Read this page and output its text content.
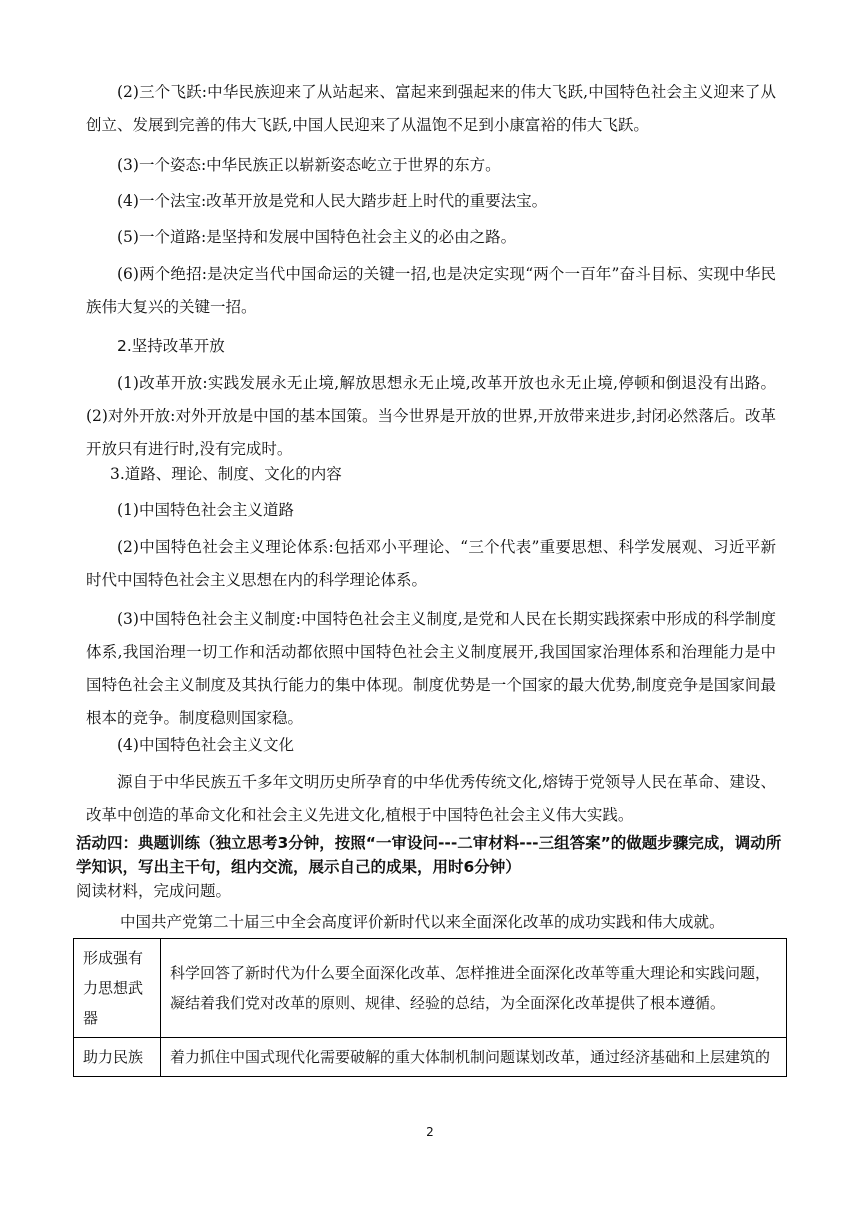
(2)三个飞跃:中华民族迎来了从站起来、富起来到强起来的伟大飞跃,中国特色社会主义迎来了从创立、发展到完善的伟大飞跃,中国人民迎来了从温饱不足到小康富裕的伟大飞跃。

(3)一个姿态:中华民族正以崭新姿态屹立于世界的东方。

(4)一个法宝:改革开放是党和人民大踏步赶上时代的重要法宝。

(5)一个道路:是坚持和发展中国特色社会主义的必由之路。

(6)两个绝招:是决定当代中国命运的关键一招,也是决定实现“两个一百年”奋斗目标、实现中华民族伟大复兴的关键一招。

2.坚持改革开放

(1)改革开放:实践发展永无止境,解放思想永无止境,改革开放也永无止境,停顿和倒退没有出路。(2)对外开放:对外开放是中国的基本国策。当今世界是开放的世界,开放带来进步,封闭必然落后。改革开放只有进行时,没有完成时。

3.道路、理论、制度、文化的内容

(1)中国特色社会主义道路

(2)中国特色社会主义理论体系:包括邓小平理论、“三个代表”重要思想、科学发展观、习近平新时代中国特色社会主义思想在内的科学理论体系。

(3)中国特色社会主义制度:中国特色社会主义制度,是党和人民在长期实践探索中形成的科学制度体系,我国治理一切工作和活动都依照中国特色社会主义制度展开,我国国家治理体系和治理能力是中国特色社会主义制度及其执行能力的集中体现。制度优势是一个国家的最大优势,制度竞争是国家间最根本的竞争。制度稳则国家稳。

(4)中国特色社会主义文化

源自于中华民族五千多年文明历史所孕育的中华优秀传统文化,熔铸于党领导人民在革命、建设、改革中创造的革命文化和社会主义先进文化,植根于中国特色社会主义伟大实践。

活动四：典题训练（独立思考3分钟，按照“一审设问---二审材料---三组答案”的做题步骤完成，调动所学知识，写出主干句，组内交流，展示自己的成果，用时6分钟）

阅读材料，完成问题。

中国共产党第二十届三中全会高度评价新时代以来全面深化改革的成功实践和伟大成就。

形成强有力思想武器	科学回答了新时代为什么要全面深化改革、怎样推进全面深化改革等重大理论和实践问题，凝结着我们党对改革的原则、规律、经验的总结，为全面深化改革提供了根本遵循。
助力民族	着力抓住中国式现代化需要破解的重大体制机制问题谋划改革，通过经济基础和上层建筑的
2
